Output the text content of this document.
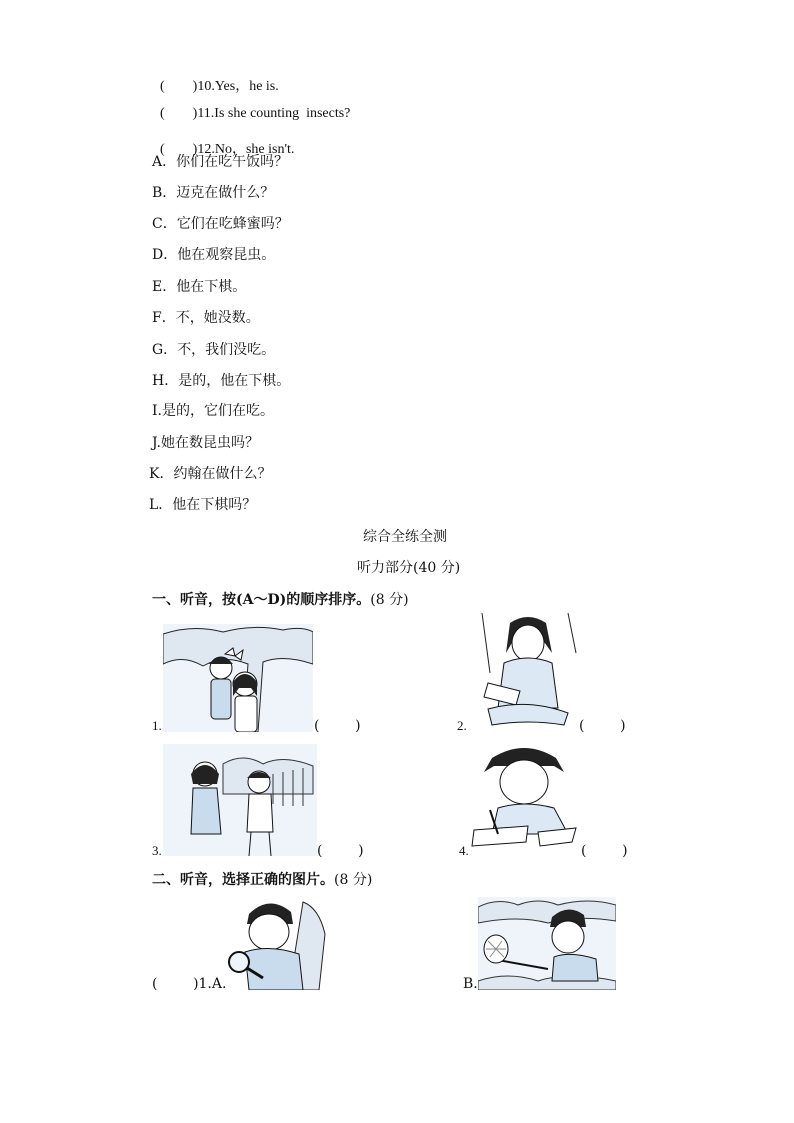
(        )10.Yes，he is.

(        )11.Is she counting  insects?

(        )12.No，she isn't.

A．你们在吃午饭吗？
B．迈克在做什么？
C．它们在吃蜂蜜吗？
D．他在观察昆虫。
E．他在下棋。
F．不，她没数。
G．不，我们没吃。
H．是的，他在下棋。
I.是的，它们在吃。
J.她在数昆虫吗？
K．约翰在做什么？
L．他在下棋吗？
综合全练全测
听力部分(40 分)
一、听音，按(A～D)的顺序排序。(8 分)
1.	(        )	2.	(        )
3.	(        )	4.	(        )
二、听音，选择正确的图片。(8 分)
(        )1.A.	B.
